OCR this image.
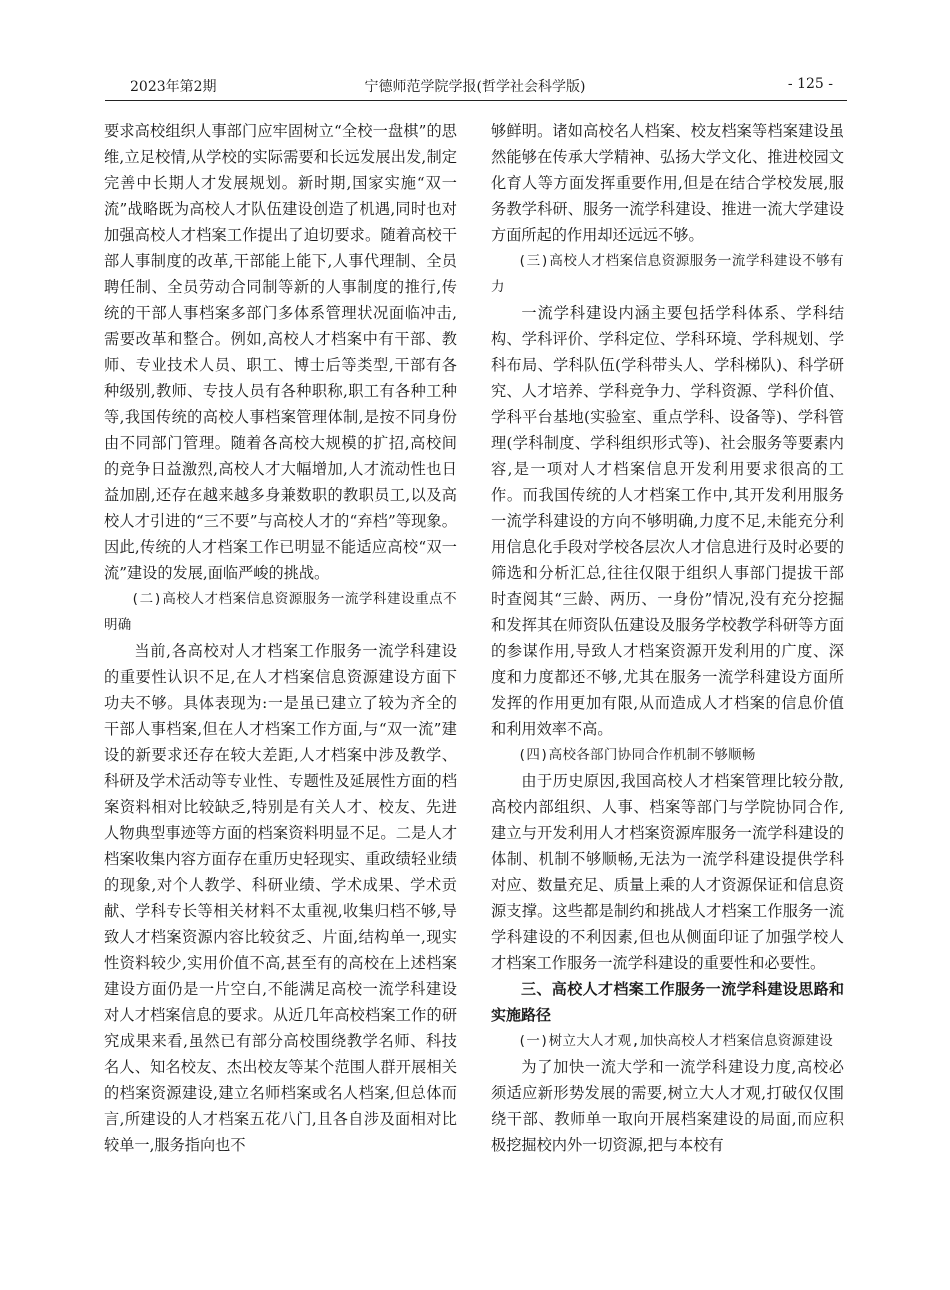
2023年第2期	宁德师范学院学报(哲学社会科学版)	- 125 -

要求高校组织人事部门应牢固树立“全校一盘棋”的思维,立足校情,从学校的实际需要和长远发展出发,制定完善中长期人才发展规划。新时期,国家实施“双一流”战略既为高校人才队伍建设创造了机遇,同时也对加强高校人才档案工作提出了迫切要求。随着高校干部人事制度的改革,干部能上能下,人事代理制、全员聘任制、全员劳动合同制等新的人事制度的推行,传统的干部人事档案多部门多体系管理状况面临冲击,需要改革和整合。例如,高校人才档案中有干部、教师、专业技术人员、职工、博士后等类型,干部有各种级别,教师、专技人员有各种职称,职工有各种工种等,我国传统的高校人事档案管理体制,是按不同身份由不同部门管理。随着各高校大规模的扩招,高校间的竞争日益激烈,高校人才大幅增加,人才流动性也日益加剧,还存在越来越多身兼数职的教职员工,以及高校人才引进的“三不要”与高校人才的“弃档”等现象。因此,传统的人才档案工作已明显不能适应高校“双一流”建设的发展,面临严峻的挑战。

(二)高校人才档案信息资源服务一流学科建设重点不明确

当前,各高校对人才档案工作服务一流学科建设的重要性认识不足,在人才档案信息资源建设方面下功夫不够。具体表现为:一是虽已建立了较为齐全的干部人事档案,但在人才档案工作方面,与“双一流”建设的新要求还存在较大差距,人才档案中涉及教学、科研及学术活动等专业性、专题性及延展性方面的档案资料相对比较缺乏,特别是有关人才、校友、先进人物典型事迹等方面的档案资料明显不足。二是人才档案收集内容方面存在重历史轻现实、重政绩轻业绩的现象,对个人教学、科研业绩、学术成果、学术贡献、学科专长等相关材料不太重视,收集归档不够,导致人才档案资源内容比较贫乏、片面,结构单一,现实性资料较少,实用价值不高,甚至有的高校在上述档案建设方面仍是一片空白,不能满足高校一流学科建设对人才档案信息的要求。从近几年高校档案工作的研究成果来看,虽然已有部分高校围绕教学名师、科技名人、知名校友、杰出校友等某个范围人群开展相关的档案资源建设,建立名师档案或名人档案,但总体而言,所建设的人才档案五花八门,且各自涉及面相对比较单一,服务指向也不

够鲜明。诸如高校名人档案、校友档案等档案建设虽然能够在传承大学精神、弘扬大学文化、推进校园文化育人等方面发挥重要作用,但是在结合学校发展,服务教学科研、服务一流学科建设、推进一流大学建设方面所起的作用却还远远不够。

(三)高校人才档案信息资源服务一流学科建设不够有力

一流学科建设内涵主要包括学科体系、学科结构、学科评价、学科定位、学科环境、学科规划、学科布局、学科队伍(学科带头人、学科梯队)、科学研究、人才培养、学科竞争力、学科资源、学科价值、学科平台基地(实验室、重点学科、设备等)、学科管理(学科制度、学科组织形式等)、社会服务等要素内容,是一项对人才档案信息开发利用要求很高的工作。而我国传统的人才档案工作中,其开发利用服务一流学科建设的方向不够明确,力度不足,未能充分利用信息化手段对学校各层次人才信息进行及时必要的筛选和分析汇总,往往仅限于组织人事部门提拔干部时查阅其“三龄、两历、一身份”情况,没有充分挖掘和发挥其在师资队伍建设及服务学校教学科研等方面的参谋作用,导致人才档案资源开发利用的广度、深度和力度都还不够,尤其在服务一流学科建设方面所发挥的作用更加有限,从而造成人才档案的信息价值和利用效率不高。

(四)高校各部门协同合作机制不够顺畅

由于历史原因,我国高校人才档案管理比较分散,高校内部组织、人事、档案等部门与学院协同合作,建立与开发利用人才档案资源库服务一流学科建设的体制、机制不够顺畅,无法为一流学科建设提供学科对应、数量充足、质量上乘的人才资源保证和信息资源支撑。这些都是制约和挑战人才档案工作服务一流学科建设的不利因素,但也从侧面印证了加强学校人才档案工作服务一流学科建设的重要性和必要性。

三、高校人才档案工作服务一流学科建设思路和实施路径

(一)树立大人才观,加快高校人才档案信息资源建设

为了加快一流大学和一流学科建设力度,高校必须适应新形势发展的需要,树立大人才观,打破仅仅围绕干部、教师单一取向开展档案建设的局面,而应积极挖掘校内外一切资源,把与本校有
